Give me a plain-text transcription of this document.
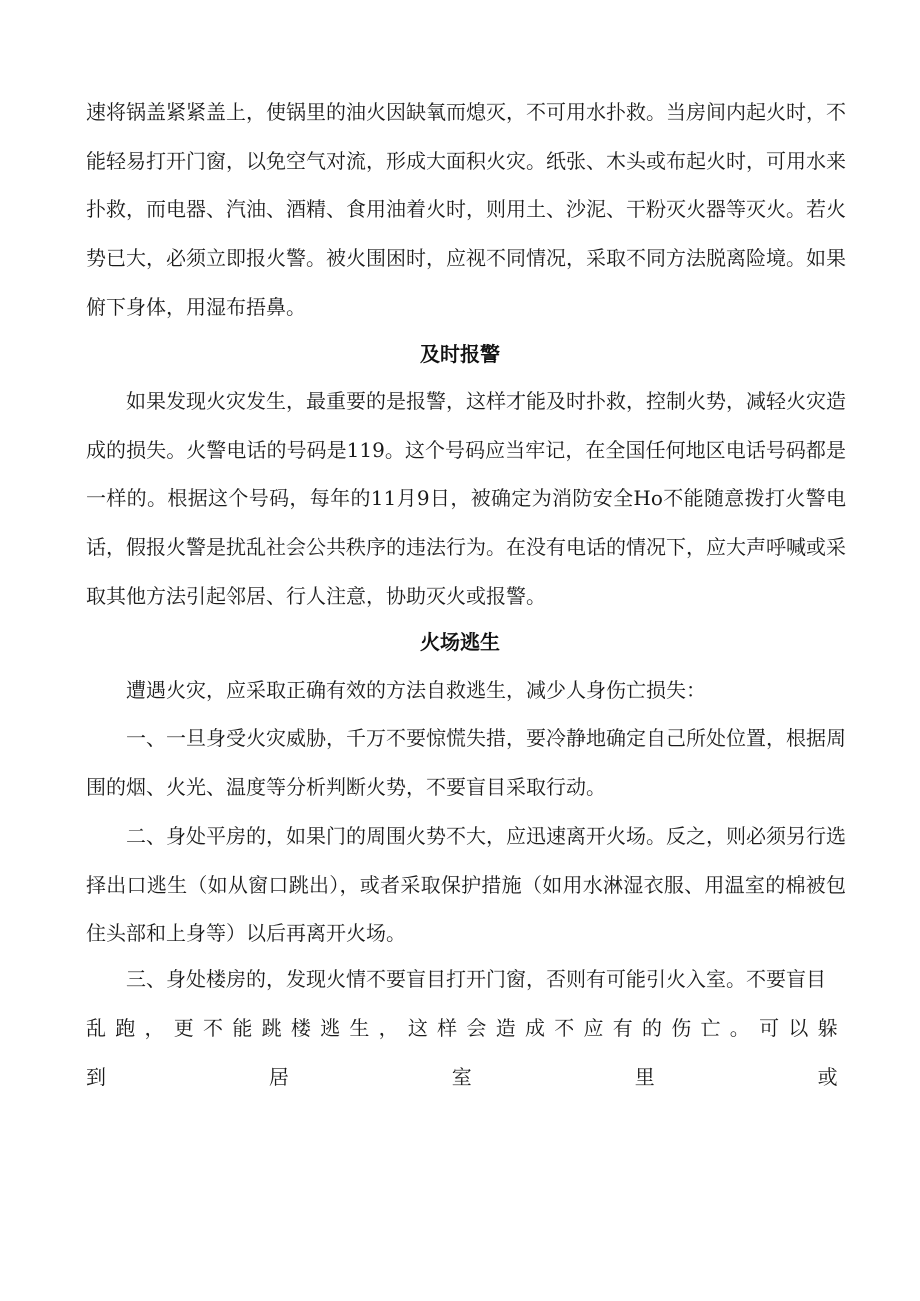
速将锅盖紧紧盖上，使锅里的油火因缺氧而熄灭，不可用水扑救。当房间内起火时，不能轻易打开门窗，以免空气对流，形成大面积火灾。纸张、木头或布起火时，可用水来扑救，而电器、汽油、酒精、食用油着火时，则用土、沙泥、干粉灭火器等灭火。若火势已大，必须立即报火警。被火围困时，应视不同情况，采取不同方法脱离险境。如果俯下身体，用湿布捂鼻。

及时报警

如果发现火灾发生，最重要的是报警，这样才能及时扑救，控制火势，减轻火灾造成的损失。火警电话的号码是119。这个号码应当牢记，在全国任何地区电话号码都是一样的。根据这个号码，每年的11月9日，被确定为消防安全Ho不能随意拨打火警电话，假报火警是扰乱社会公共秩序的违法行为。在没有电话的情况下，应大声呼喊或采取其他方法引起邻居、行人注意，协助灭火或报警。

火场逃生

遭遇火灾，应采取正确有效的方法自救逃生，减少人身伤亡损失：

一、一旦身受火灾威胁，千万不要惊慌失措，要冷静地确定自己所处位置，根据周围的烟、火光、温度等分析判断火势，不要盲目采取行动。

二、身处平房的，如果门的周围火势不大，应迅速离开火场。反之，则必须另行选择出口逃生（如从窗口跳出），或者采取保护措施（如用水淋湿衣服、用温室的棉被包住头部和上身等）以后再离开火场。

三、身处楼房的，发现火情不要盲目打开门窗，否则有可能引火入室。不要盲目

乱跑，更不能跳楼逃生，这样会造成不应有的伤亡。可以躲到居室里或
